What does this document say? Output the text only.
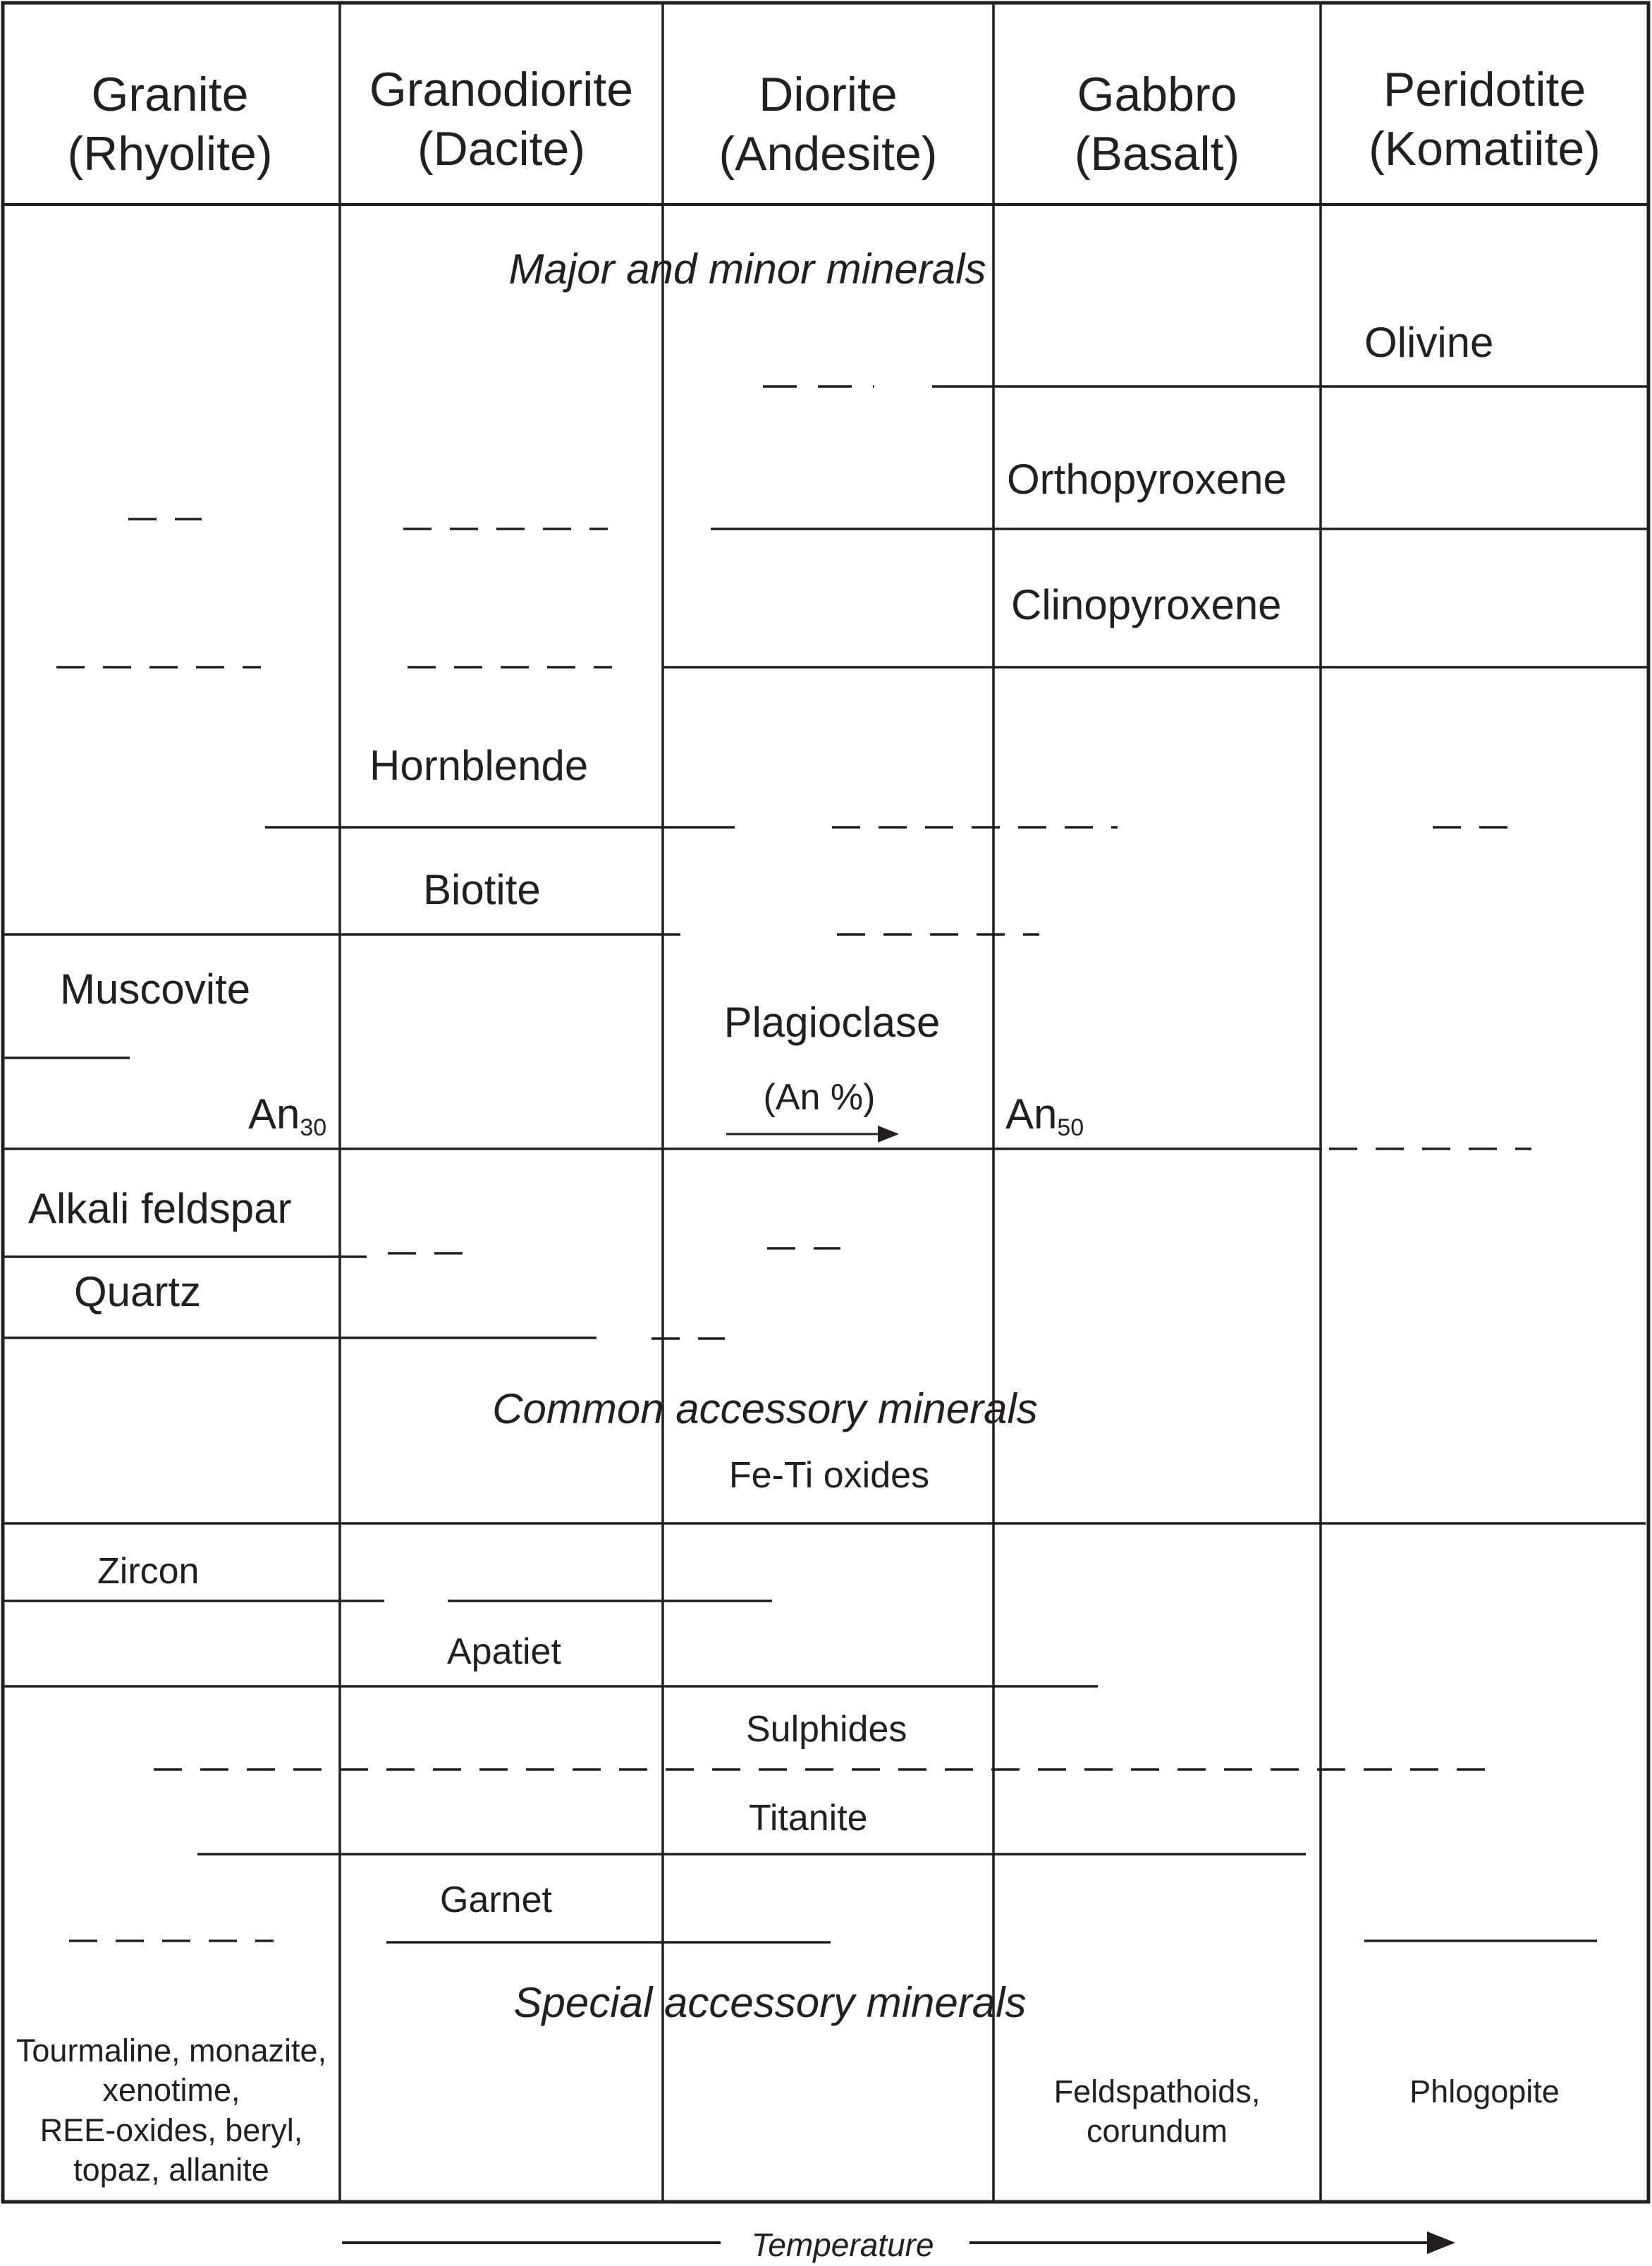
Granite
(Rhyolite)
Granodiorite
(Dacite)
Diorite
(Andesite)
Gabbro
(Basalt)
Peridotite
(Komatiite)
Major and minor minerals
Common accessory minerals
Special accessory minerals
Olivine
Orthopyroxene
Clinopyroxene
Hornblende
Biotite
Muscovite
Plagioclase
(An %)
$An_{30}$	$An_{50}$
Alkali feldspar
Quartz
Fe-Ti oxides
Zircon
Apatiet
Sulphides
Titanite
Garnet
Tourmaline, monazite,
xenotime,
REE-oxides, beryl,
topaz, allanite
Feldspathoids,
corundum
Phlogopite
Temperature
